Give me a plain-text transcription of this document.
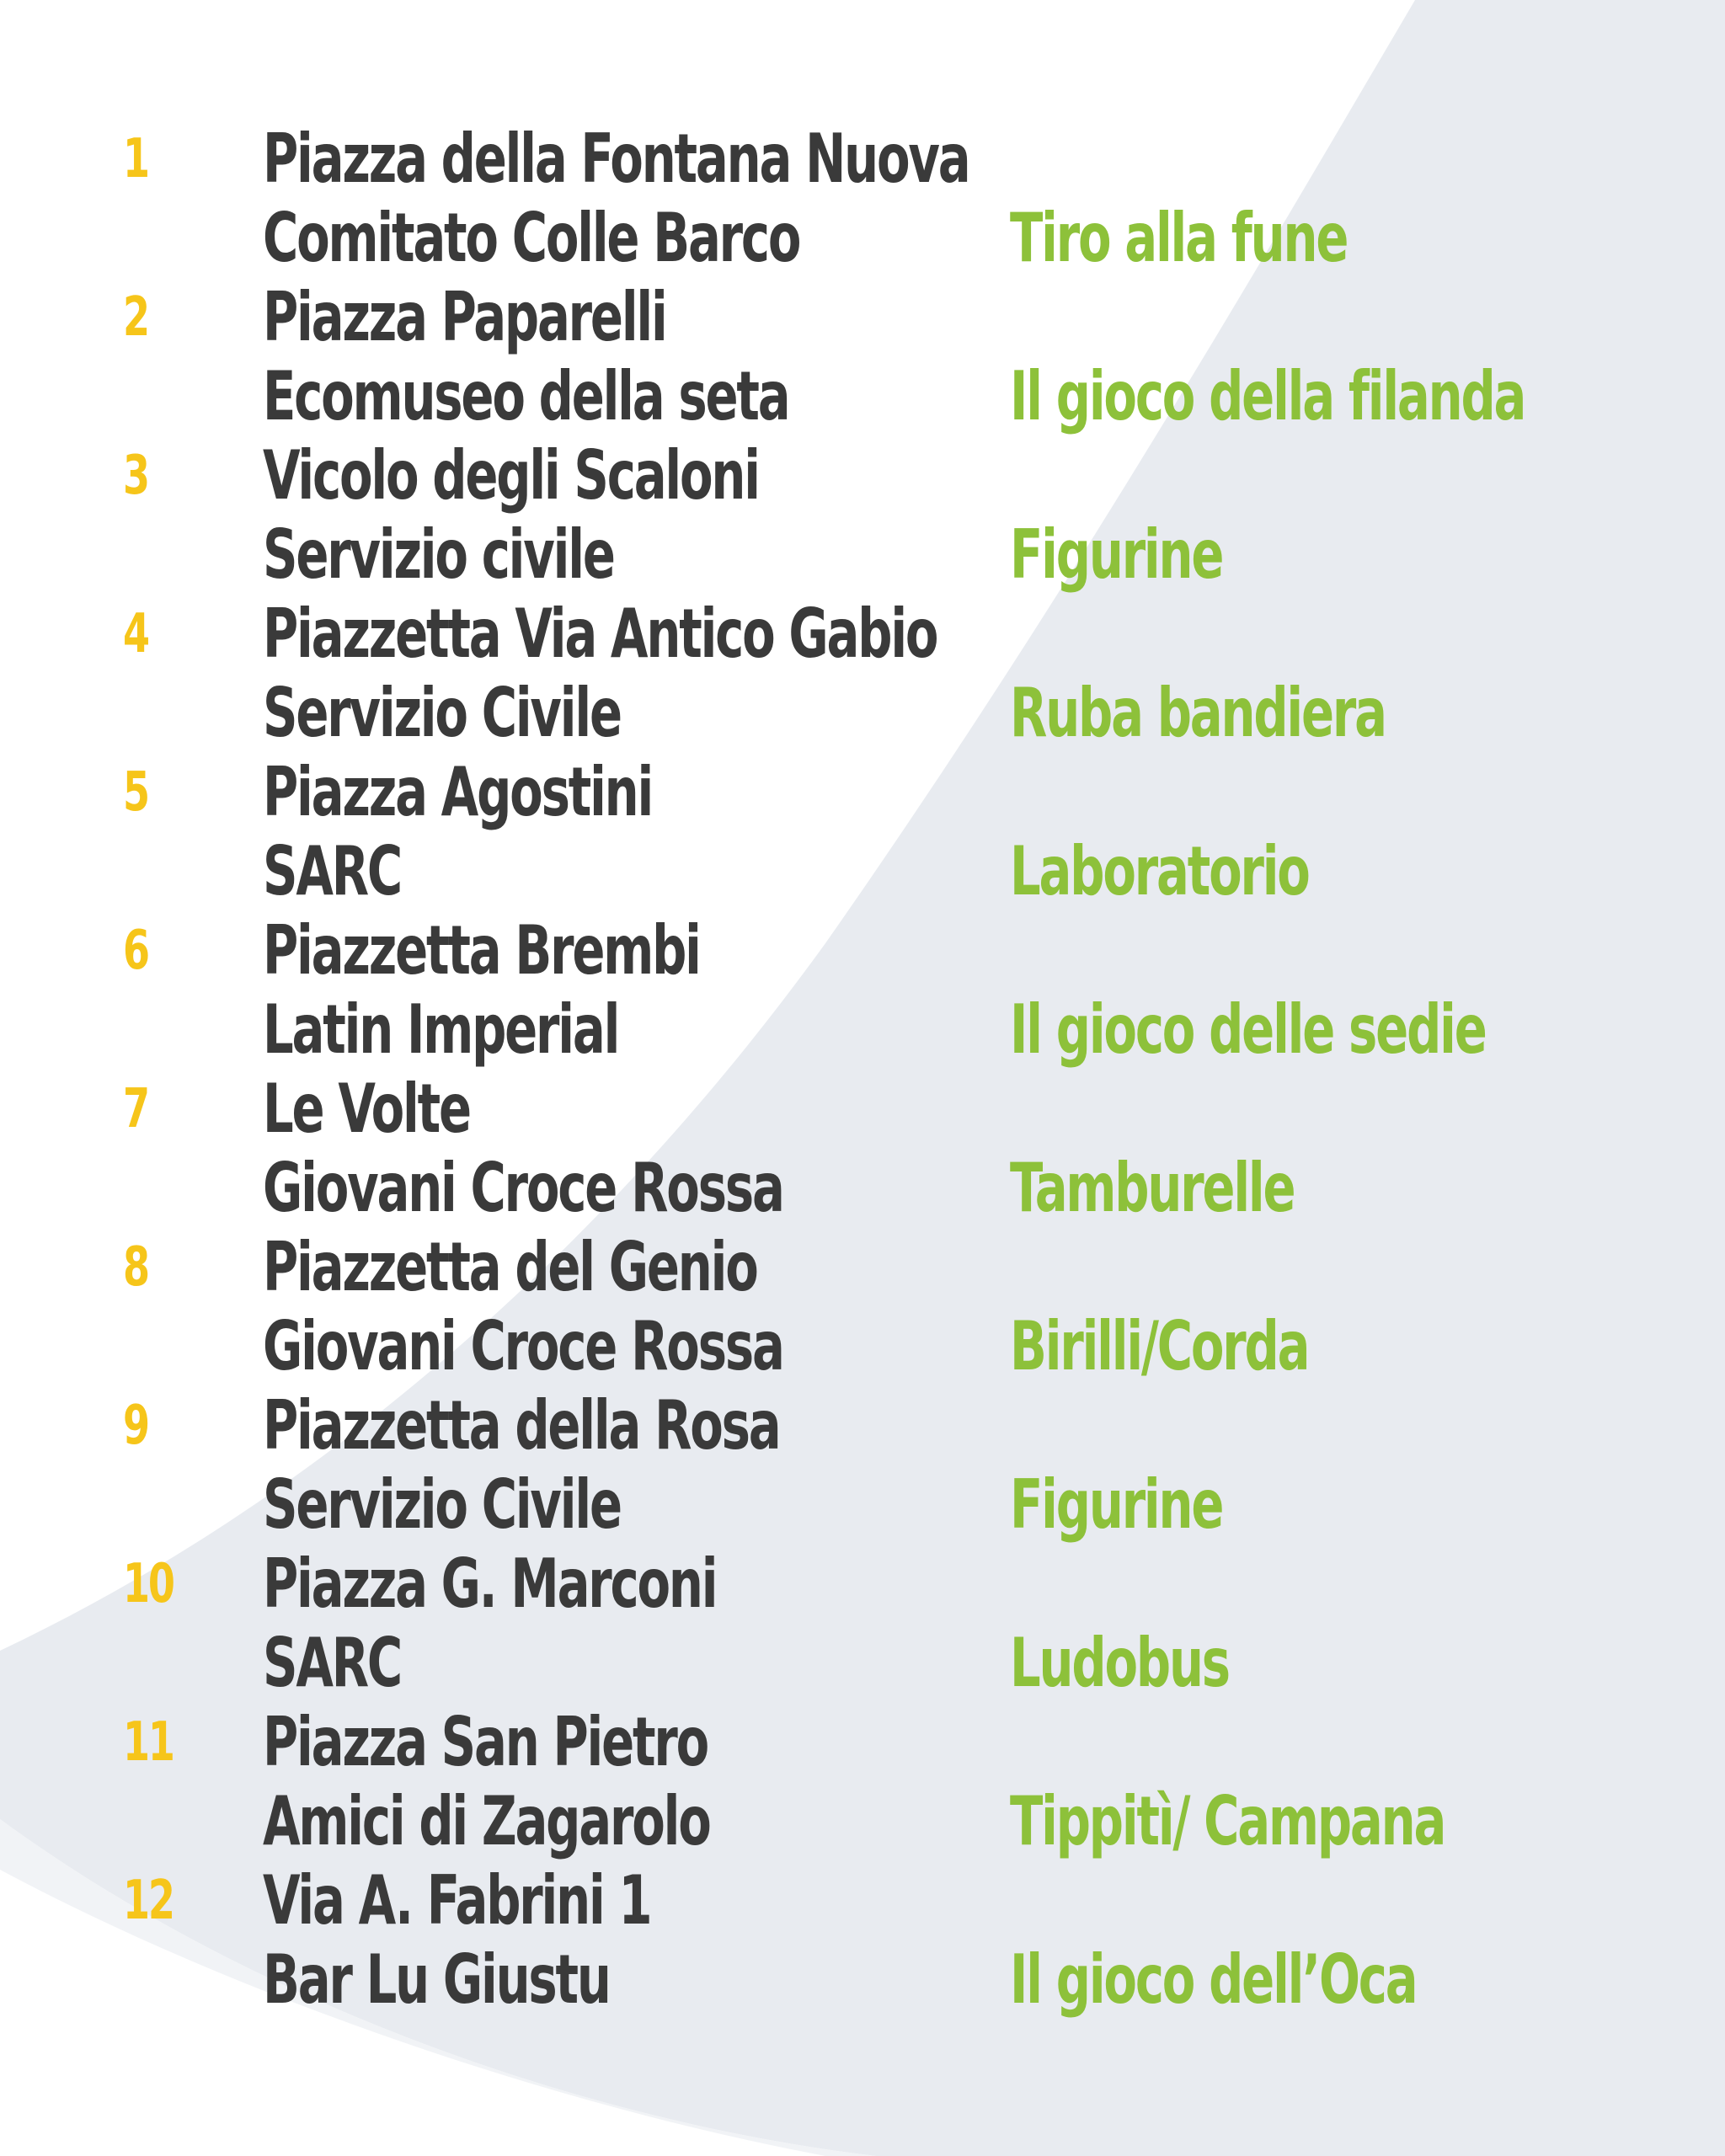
1 Piazza della Fontana Nuova
Comitato Colle Barco	Tiro alla fune
2 Piazza Paparelli
Ecomuseo della seta	Il gioco della filanda
3 Vicolo degli Scaloni
Servizio civile	Figurine
4 Piazzetta Via Antico Gabio
Servizio Civile	Ruba bandiera
5 Piazza Agostini
SARC	Laboratorio
6 Piazzetta Brembi
Latin Imperial	Il gioco delle sedie
7 Le Volte
Giovani Croce Rossa	Tamburelle
8 Piazzetta del Genio
Giovani Croce Rossa	Birilli/Corda
9 Piazzetta della Rosa
Servizio Civile	Figurine
10 Piazza G. Marconi
SARC	Ludobus
11 Piazza San Pietro
Amici di Zagarolo	Tippitì/ Campana
12 Via A. Fabrini 1
Bar Lu Giustu	Il gioco dell’Oca
